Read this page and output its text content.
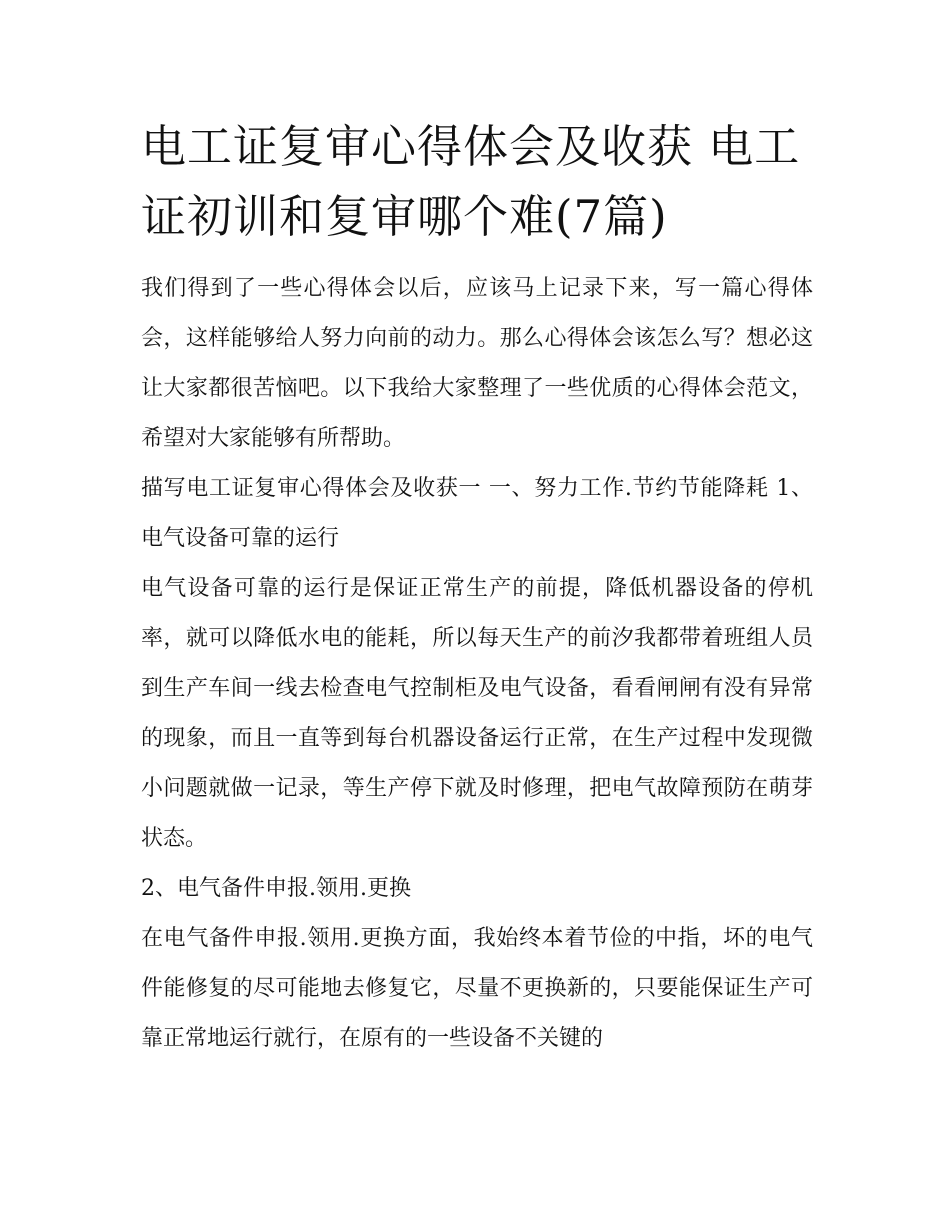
电工证复审心得体会及收获 电工证初训和复审哪个难(7篇)

我们得到了一些心得体会以后，应该马上记录下来，写一篇心得体会，这样能够给人努力向前的动力。那么心得体会该怎么写？想必这让大家都很苦恼吧。以下我给大家整理了一些优质的心得体会范文，希望对大家能够有所帮助。

描写电工证复审心得体会及收获一 一、努力工作.节约节能降耗 1、电气设备可靠的运行

电气设备可靠的运行是保证正常生产的前提，降低机器设备的停机率，就可以降低水电的能耗，所以每天生产的前汐我都带着班组人员到生产车间一线去检查电气控制柜及电气设备，看看闸闸有没有异常的现象，而且一直等到每台机器设备运行正常，在生产过程中发现微小问题就做一记录，等生产停下就及时修理，把电气故障预防在萌芽状态。

2、电气备件申报.领用.更换

在电气备件申报.领用.更换方面，我始终本着节俭的中指，坏的电气件能修复的尽可能地去修复它，尽量不更换新的，只要能保证生产可靠正常地运行就行，在原有的一些设备不关键的
